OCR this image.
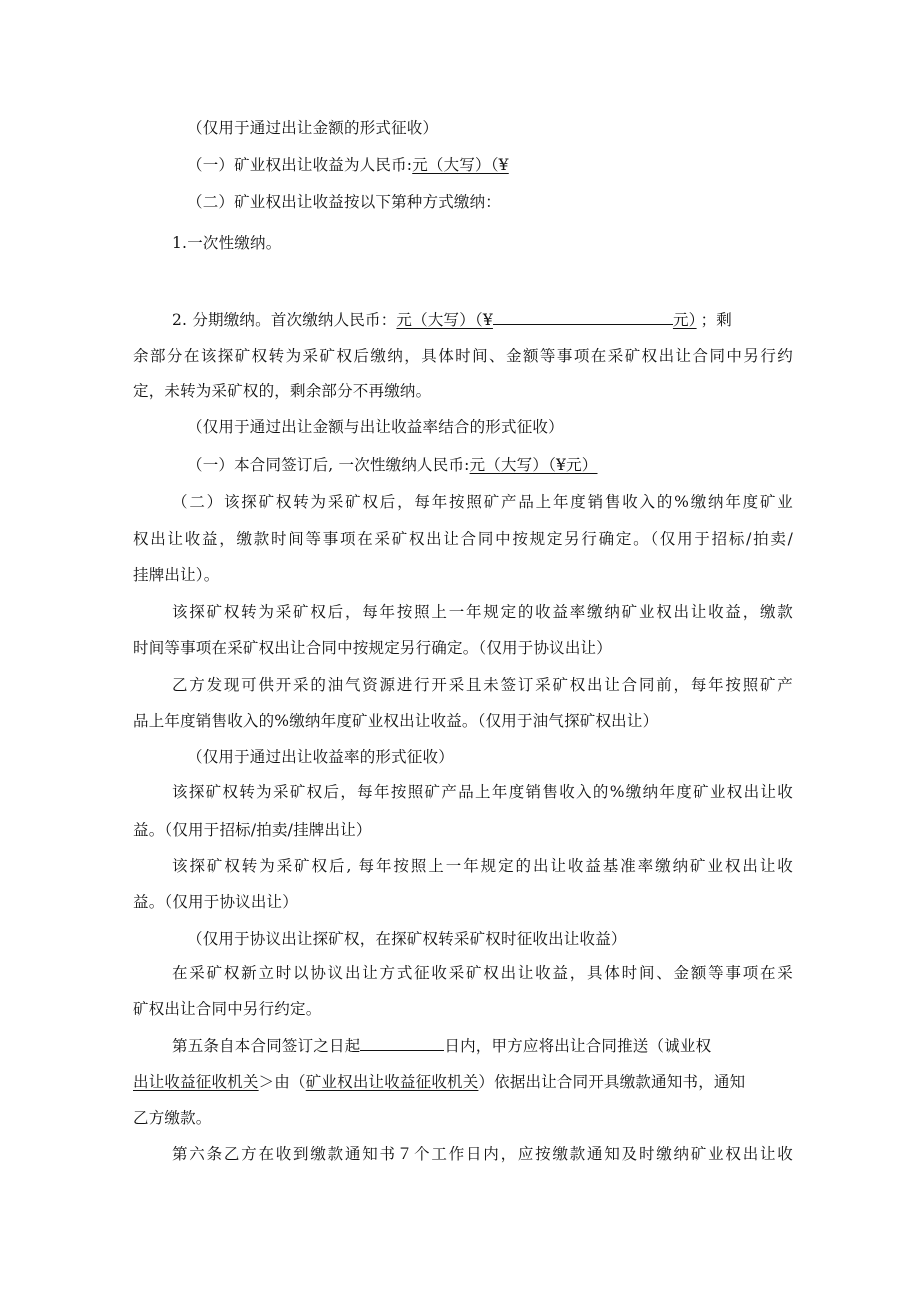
（仅用于通过出让金额的形式征收）
（一）矿业权出让收益为人民币:元（大写）（¥
（二）矿业权出让收益按以下第种方式缴纳：
1.一次性缴纳。
2. 分期缴纳。首次缴纳人民币：元（大写）（¥	元） ；剩
余部分在该探矿权转为采矿权后缴纳，具体时间、金额等事项在采矿权出让合同中另行约
定，未转为采矿权的，剩余部分不再缴纳。
（仅用于通过出让金额与出让收益率结合的形式征收）
（一）本合同签订后, 一次性缴纳人民币:元（大写）（¥元）
（二）该探矿权转为采矿权后，每年按照矿产品上年度销售收入的%缴纳年度矿业
权出让收益，缴款时间等事项在采矿权出让合同中按规定另行确定。（仅用于招标/拍卖/
挂牌出让）。
该探矿权转为采矿权后，每年按照上一年规定的收益率缴纳矿业权出让收益，缴款
时间等事项在采矿权出让合同中按规定另行确定。（仅用于协议出让）
乙方发现可供开采的油气资源进行开采且未签订采矿权出让合同前，每年按照矿产
品上年度销售收入的%缴纳年度矿业权出让收益。（仅用于油气探矿权出让）
（仅用于通过出让收益率的形式征收）
该探矿权转为采矿权后，每年按照矿产品上年度销售收入的%缴纳年度矿业权出让收
益。（仅用于招标/拍卖/挂牌出让）
该探矿权转为采矿权后, 每年按照上一年规定的出让收益基准率缴纳矿业权出让收
益。（仅用于协议出让）
（仅用于协议出让探矿权，在探矿权转采矿权时征收出让收益）
在采矿权新立时以协议出让方式征收采矿权出让收益，具体时间、金额等事项在采
矿权出让合同中另行约定。
第五条自本合同签订之日起	日内，甲方应将出让合同推送（诚业权
出让收益征收机关＞由（矿业权出让收益征收机关）依据出让合同开具缴款通知书，通知
乙方缴款。
第六条乙方在收到缴款通知书７个工作日内，应按缴款通知及时缴纳矿业权出让收
